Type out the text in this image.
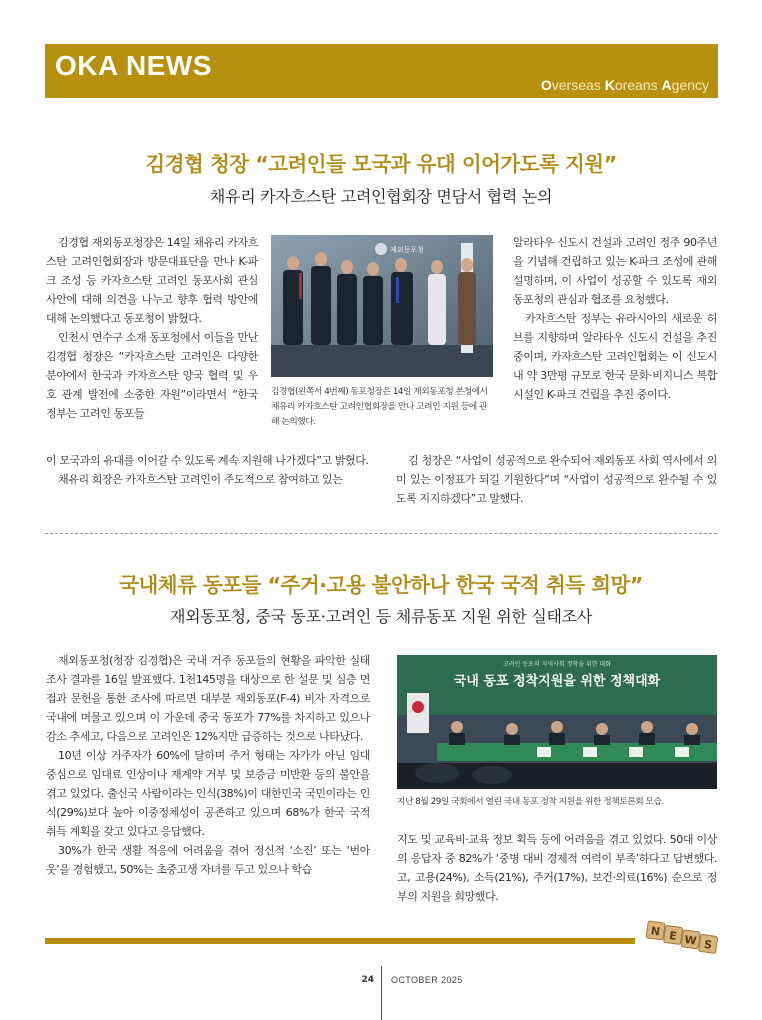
OKA NEWS
Overseas Koreans Agency
김경협 청장 “고려인들 모국과 유대 이어가도록 지원”
채유리 카자흐스탄 고려인협회장 면담서 협력 논의

김경협 재외동포청장은 14일 채유리 카자흐스탄 고려인협회장과 방문대표단을 만나 K-파크 조성 등 카자흐스탄 고려인 동포사회 관심 사안에 대해 의견을 나누고 향후 협력 방안에 대해 논의했다고 동포청이 밝혔다.

인천시 연수구 소재 동포청에서 이들을 만난 김경협 청장은 “카자흐스탄 고려인은 다양한 분야에서 한국과 카자흐스탄 양국 협력 및 우호 관계 발전에 소중한 자원”이라면서 “한국 정부는 고려인 동포들

이 모국과의 유대를 이어갈 수 있도록 계속 지원해 나가겠다”고 밝혔다.

채유리 회장은 카자흐스탄 고려인이 주도적으로 참여하고 있는

재외동포청
김경협(왼쪽서 4번째) 동포청장은 14일 재외동포청 본청에서 채유리 카자흐스탄 고려인협회장을 만나 고려인 지원 등에 관해 논의했다.

알라타우 신도시 건설과 고려인 정주 90주년을 기념해 건립하고 있는 K-파크 조성에 관해 설명하며, 이 사업이 성공할 수 있도록 재외동포청의 관심과 협조를 요청했다.

카자흐스탄 정부는 유라시아의 새로운 허브를 지향하며 알라타우 신도시 건설을 추진 중이며, 카자흐스탄 고려인협회는 이 신도시 내 약 3만평 규모로 한국 문화·비지니스 복합시설인 K-파크 건립을 추진 중이다.

김 청장은 “사업이 성공적으로 완수되어 재외동포 사회 역사에서 의미 있는 이정표가 되길 기원한다”며 “사업이 성공적으로 완수될 수 있도록 지지하겠다”고 말했다.

국내체류 동포들 “주거·고용 불안하나 한국 국적 취득 희망”
재외동포청, 중국 동포·고려인 등 체류동포 지원 위한 실태조사

재외동포청(청장 김경협)은 국내 거주 동포들의 현황을 파악한 실태조사 결과를 16일 발표했다. 1천145명을 대상으로 한 설문 및 심층 면접과 문헌을 통한 조사에 따르면 대부분 재외동포(F-4) 비자 자격으로 국내에 머물고 있으며 이 가운데 중국 동포가 77%를 차지하고 있으나 감소 추세고, 다음으로 고려인은 12%지만 급증하는 것으로 나타났다.

10년 이상 거주자가 60%에 달하며 주거 형태는 자가가 아닌 임대 중심으로 임대료 인상이나 재계약 거부 및 보증금 미반환 등의 불안을 겪고 있었다. 출신국 사람이라는 인식(38%)이 대한민국 국민이라는 인식(29%)보다 높아 이중정체성이 공존하고 있으며 68%가 한국 국적 취득 계획을 갖고 있다고 응답했다.

30%가 한국 생활 적응에 어려움을 겪어 정신적 ‘소진’ 또는 ‘번아웃’을 경험했고, 50%는 초중고생 자녀를 두고 있으나 학습

고려인 동포의 지역사회 정착을 위한 대화
국내 동포 정착지원을 위한 정책대화
지난 8월 29일 국회에서 열린 국내 동포 정착 지원을 위한 정책토론회 모습.

지도 및 교육비·교육 정보 획득 등에 어려움을 겪고 있었다. 50대 이상의 응답자 중 82%가 ‘중병 대비 경제적 여력이 부족’하다고 답변했다. 고, 고용(24%), 소득(21%), 주거(17%), 보건·의료(16%) 순으로 정부의 지원을 희망했다.

N E W S
24 OCTOBER 2025
